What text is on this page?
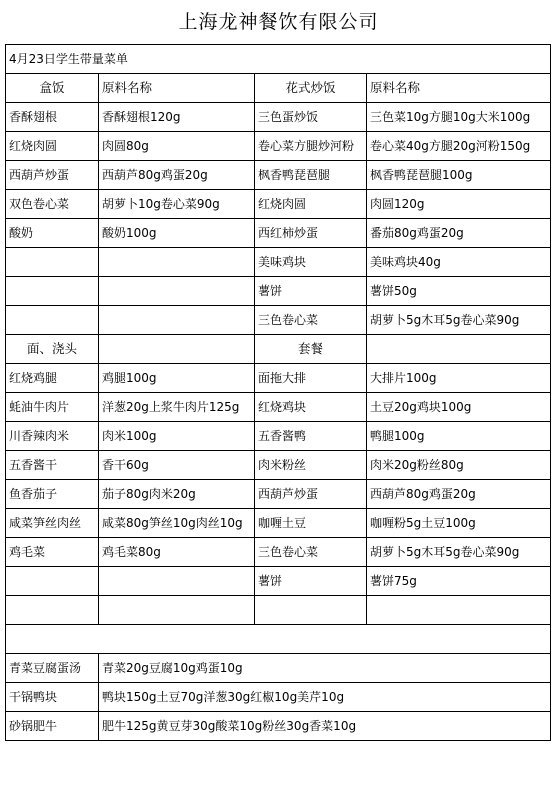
上海龙神餐饮有限公司
4月23日学生带量菜单			
盒饭	原料名称	花式炒饭	原料名称
香酥翅根	香酥翅根120g	三色蛋炒饭	三色菜10g方腿10g大米100g
红烧肉圆	肉圆80g	卷心菜方腿炒河粉	卷心菜40g方腿20g河粉150g
西葫芦炒蛋	西葫芦80g鸡蛋20g	枫香鸭琵琶腿	枫香鸭琵琶腿100g
双色卷心菜	胡萝卜10g卷心菜90g	红烧肉圆	肉圆120g
酸奶	酸奶100g	西红柿炒蛋	番茄80g鸡蛋20g
		美味鸡块	美味鸡块40g
		薯饼	薯饼50g
		三色卷心菜	胡萝卜5g木耳5g卷心菜90g
面、浇头		套餐	
红烧鸡腿	鸡腿100g	面拖大排	大排片100g
蚝油牛肉片	洋葱20g上浆牛肉片125g	红烧鸡块	土豆20g鸡块100g
川香辣肉米	肉米100g	五香酱鸭	鸭腿100g
五香酱干	香干60g	肉米粉丝	肉米20g粉丝80g
鱼香茄子	茄子80g肉米20g	西葫芦炒蛋	西葫芦80g鸡蛋20g
咸菜笋丝肉丝	咸菜80g笋丝10g肉丝10g	咖喱土豆	咖喱粉5g土豆100g
鸡毛菜	鸡毛菜80g	三色卷心菜	胡萝卜5g木耳5g卷心菜90g
		薯饼	薯饼75g

青菜豆腐蛋汤	青菜20g豆腐10g鸡蛋10g		
干锅鸭块	鸭块150g土豆70g洋葱30g红椒10g美芹10g		
砂锅肥牛	肥牛125g黄豆芽30g酸菜10g粉丝30g香菜10g		
